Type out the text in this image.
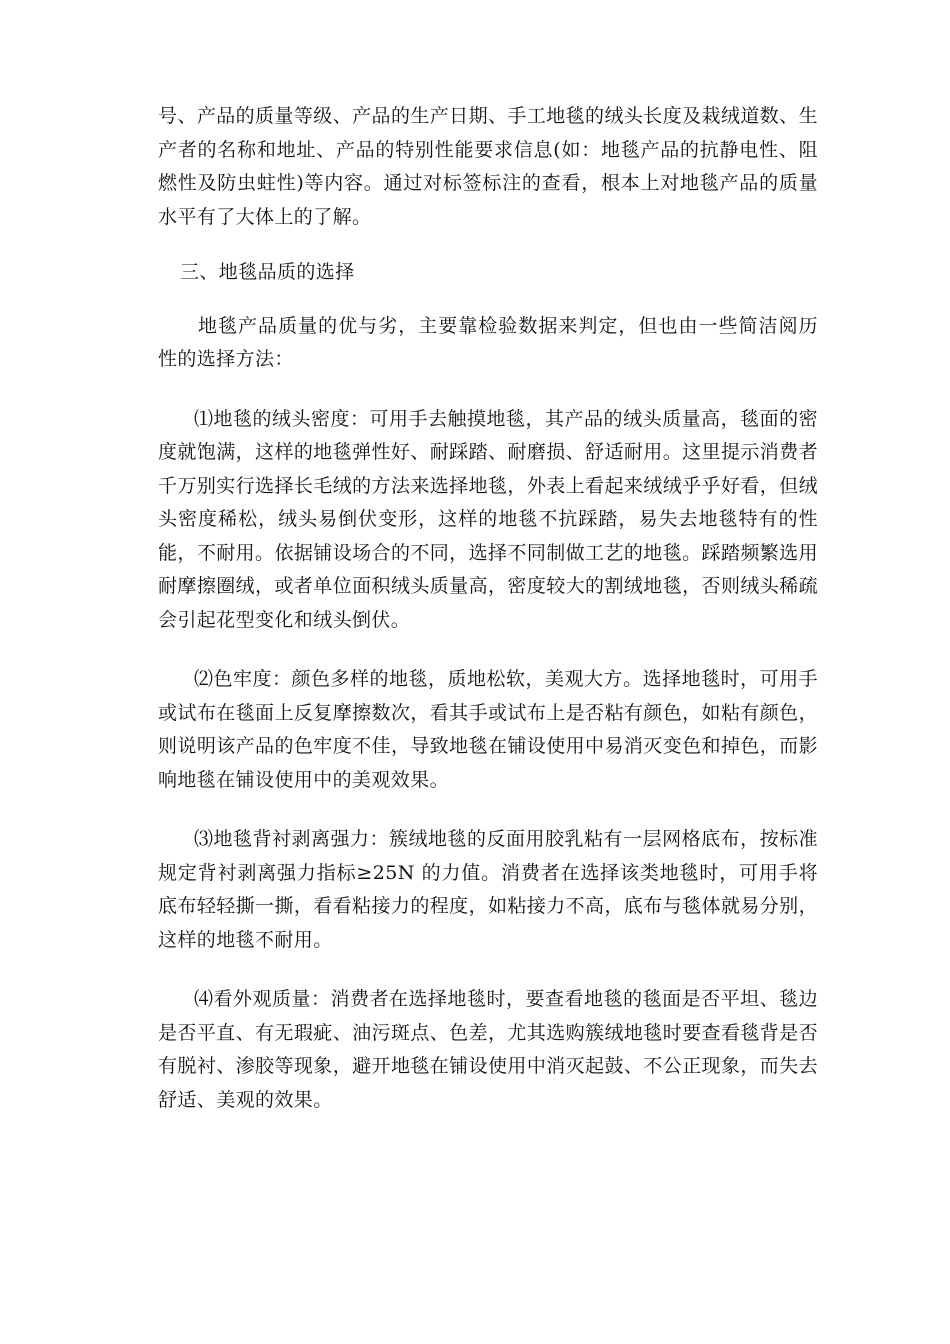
号、产品的质量等级、产品的生产日期、手工地毯的绒头长度及栽绒道数、生产者的名称和地址、产品的特别性能要求信息(如：地毯产品的抗静电性、阻燃性及防虫蛀性)等内容。通过对标签标注的查看，根本上对地毯产品的质量水平有了大体上的了解。

三、地毯品质的选择

地毯产品质量的优与劣，主要靠检验数据来判定，但也由一些简洁阅历性的选择方法：

⑴地毯的绒头密度：可用手去触摸地毯，其产品的绒头质量高，毯面的密度就饱满，这样的地毯弹性好、耐踩踏、耐磨损、舒适耐用。这里提示消费者千万别实行选择长毛绒的方法来选择地毯，外表上看起来绒绒乎乎好看，但绒头密度稀松，绒头易倒伏变形，这样的地毯不抗踩踏，易失去地毯特有的性能，不耐用。依据铺设场合的不同，选择不同制做工艺的地毯。踩踏频繁选用耐摩擦圈绒，或者单位面积绒头质量高，密度较大的割绒地毯，否则绒头稀疏会引起花型变化和绒头倒伏。

⑵色牢度：颜色多样的地毯，质地松软，美观大方。选择地毯时，可用手或试布在毯面上反复摩擦数次，看其手或试布上是否粘有颜色，如粘有颜色， 则说明该产品的色牢度不佳，导致地毯在铺设使用中易消灭变色和掉色，而影响地毯在铺设使用中的美观效果。

⑶地毯背衬剥离强力：簇绒地毯的反面用胶乳粘有一层网格底布，按标准规定背衬剥离强力指标≥25N 的力值。消费者在选择该类地毯时，可用手将底布轻轻撕一撕，看看粘接力的程度，如粘接力不高，底布与毯体就易分别，这样的地毯不耐用。

⑷看外观质量：消费者在选择地毯时，要查看地毯的毯面是否平坦、毯边是否平直、有无瑕疵、油污斑点、色差，尤其选购簇绒地毯时要查看毯背是否有脱衬、渗胶等现象，避开地毯在铺设使用中消灭起鼓、不公正现象，而失去舒适、美观的效果。
